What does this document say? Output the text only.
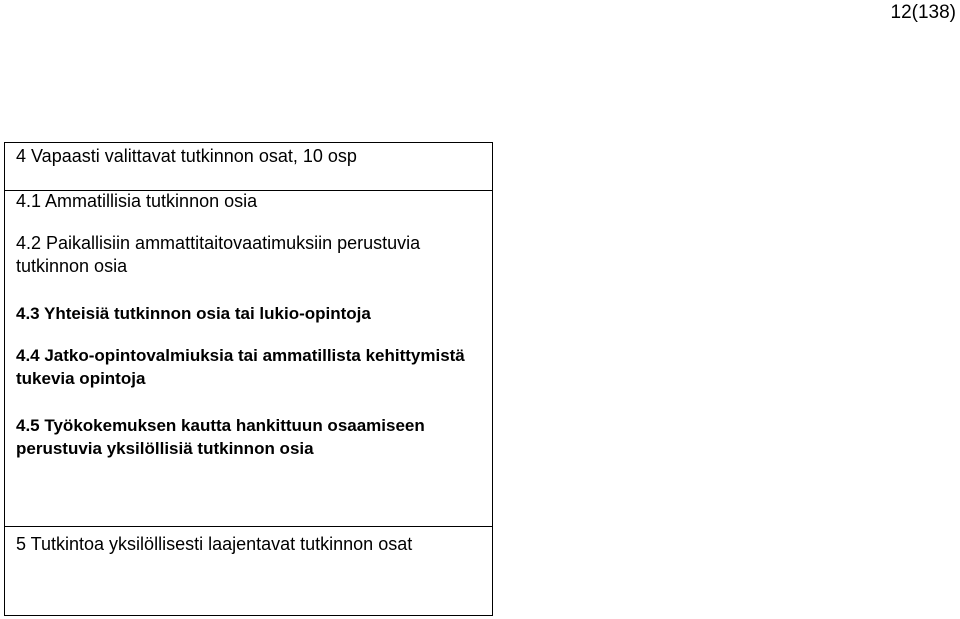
12(138)
4 Vapaasti valittavat tutkinnon osat, 10 osp
4.1 Ammatillisia tutkinnon osia
4.2 Paikallisiin ammattitaitovaatimuksiin perustuvia tutkinnon osia
4.3 Yhteisiä tutkinnon osia tai lukio-opintoja
4.4 Jatko-opintovalmiuksia tai ammatillista kehittymistä tukevia opintoja
4.5 Työkokemuksen kautta hankittuun osaamiseen perustuvia yksilöllisiä tutkinnon osia
5 Tutkintoa yksilöllisesti laajentavat tutkinnon osat
